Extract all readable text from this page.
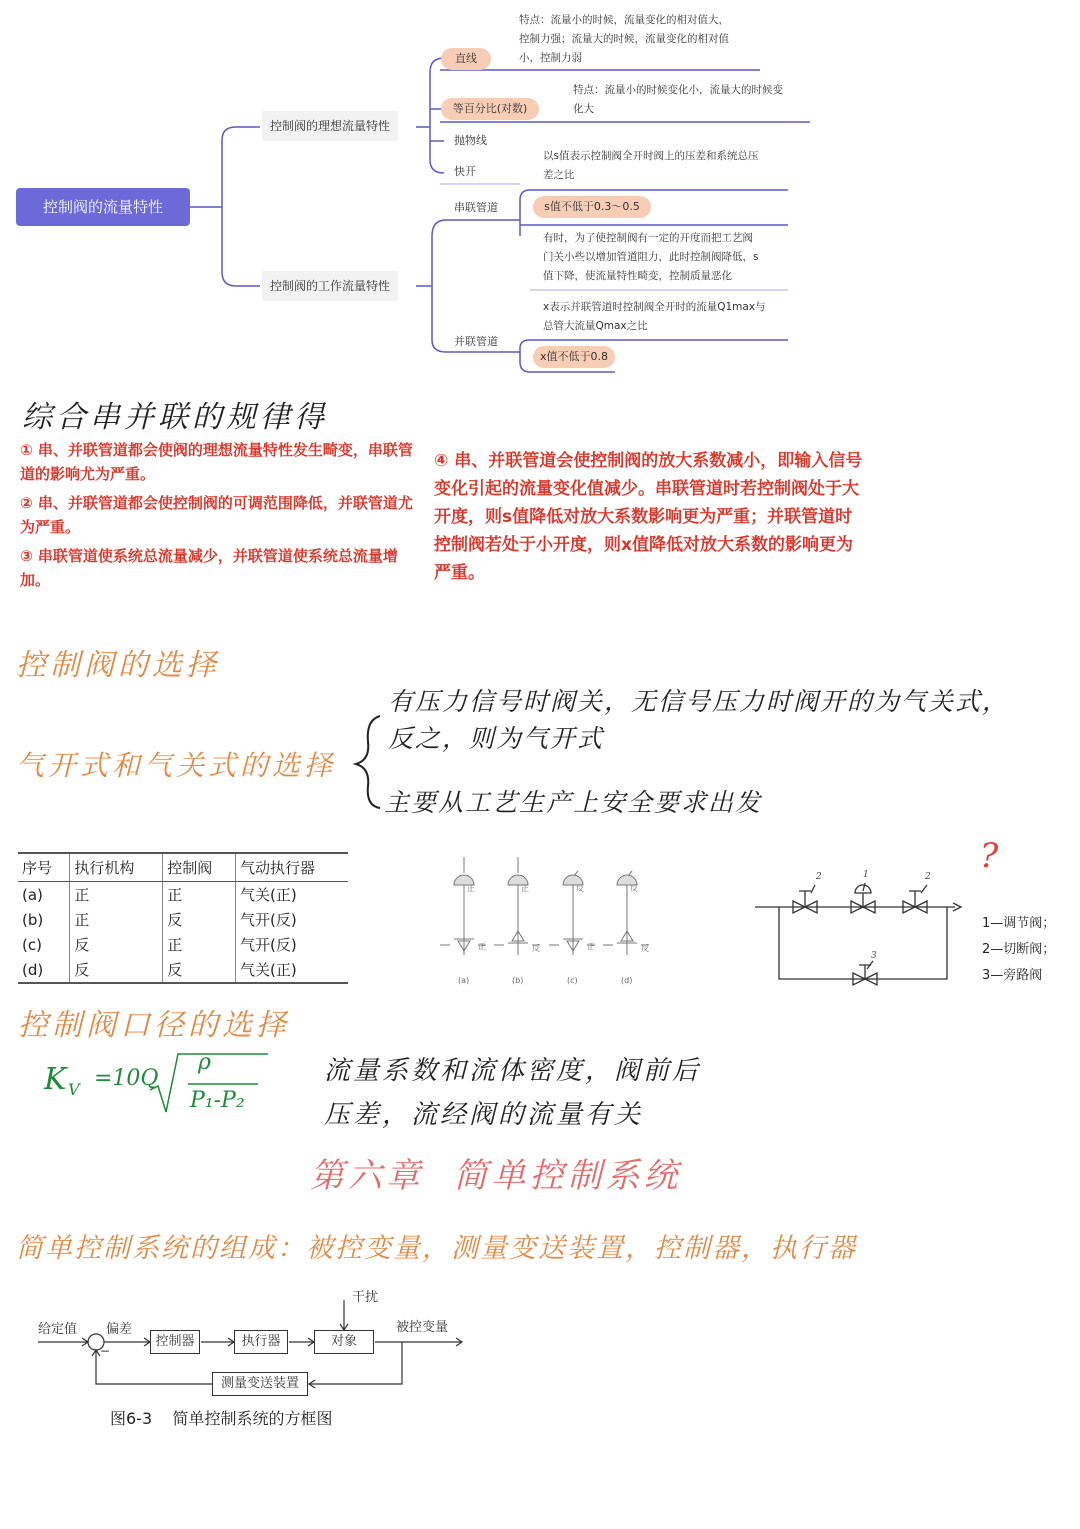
控制阀的流量特性
控制阀的理想流量特性
控制阀的工作流量特性
直线
特点：流量小的时候，流量变化的相对值大，
控制力强；流量大的时候，流量变化的相对值
小，控制力弱
等百分比(对数)
特点：流量小的时候变化小，流量大的时候变
化大
抛物线
快开
串联管道
以s值表示控制阀全开时阀上的压差和系统总压
差之比
s值不低于0.3～0.5
有时，为了使控制阀有一定的开度而把工艺阀
门关小些以增加管道阻力，此时控制阀降低，s
值下降，使流量特性畸变，控制质量恶化
并联管道
x表示并联管道时控制阀全开时的流量Q1max与
总管大流量Qmax之比
x值不低于0.8
综合串并联的规律得
① 串、并联管道都会使阀的理想流量特性发生畸变，串联管道的影响尤为严重。
② 串、并联管道都会使控制阀的可调范围降低，并联管道尤为严重。
③ 串联管道使系统总流量减少，并联管道使系统总流量增加。
④ 串、并联管道会使控制阀的放大系数减小，即输入信号变化引起的流量变化值减少。串联管道时若控制阀处于大开度，则s值降低对放大系数影响更为严重；并联管道时控制阀若处于小开度，则x值降低对放大系数的影响更为严重。
控制阀的选择
气开式和气关式的选择
有压力信号时阀关，无信号压力时阀开的为气关式，
反之，则为气开式
主要从工艺生产上安全要求出发
序号	执行机构	控制阀	气动执行器
(a)	正	正	气关(正)
(b)	正	反	气开(反)
(c)	反	正	气开(反)
(d)	反	反	气关(正)
正	正	反	反
正	反	正	反
(a)	(b)	(c)	(d)
?
2	1	2
3
1—调节阀；
2—切断阀；
3—旁路阀
控制阀口径的选择
K V =10Q
ρ
P₁-P₂
流量系数和流体密度，阀前后
压差，流经阀的流量有关
第六章  简单控制系统
简单控制系统的组成：被控变量，测量变送装置，控制器，执行器
给定值 偏差
控制器	执行器	对象
测量变送装置
干扰
被控变量
−
图6-3    简单控制系统的方框图
